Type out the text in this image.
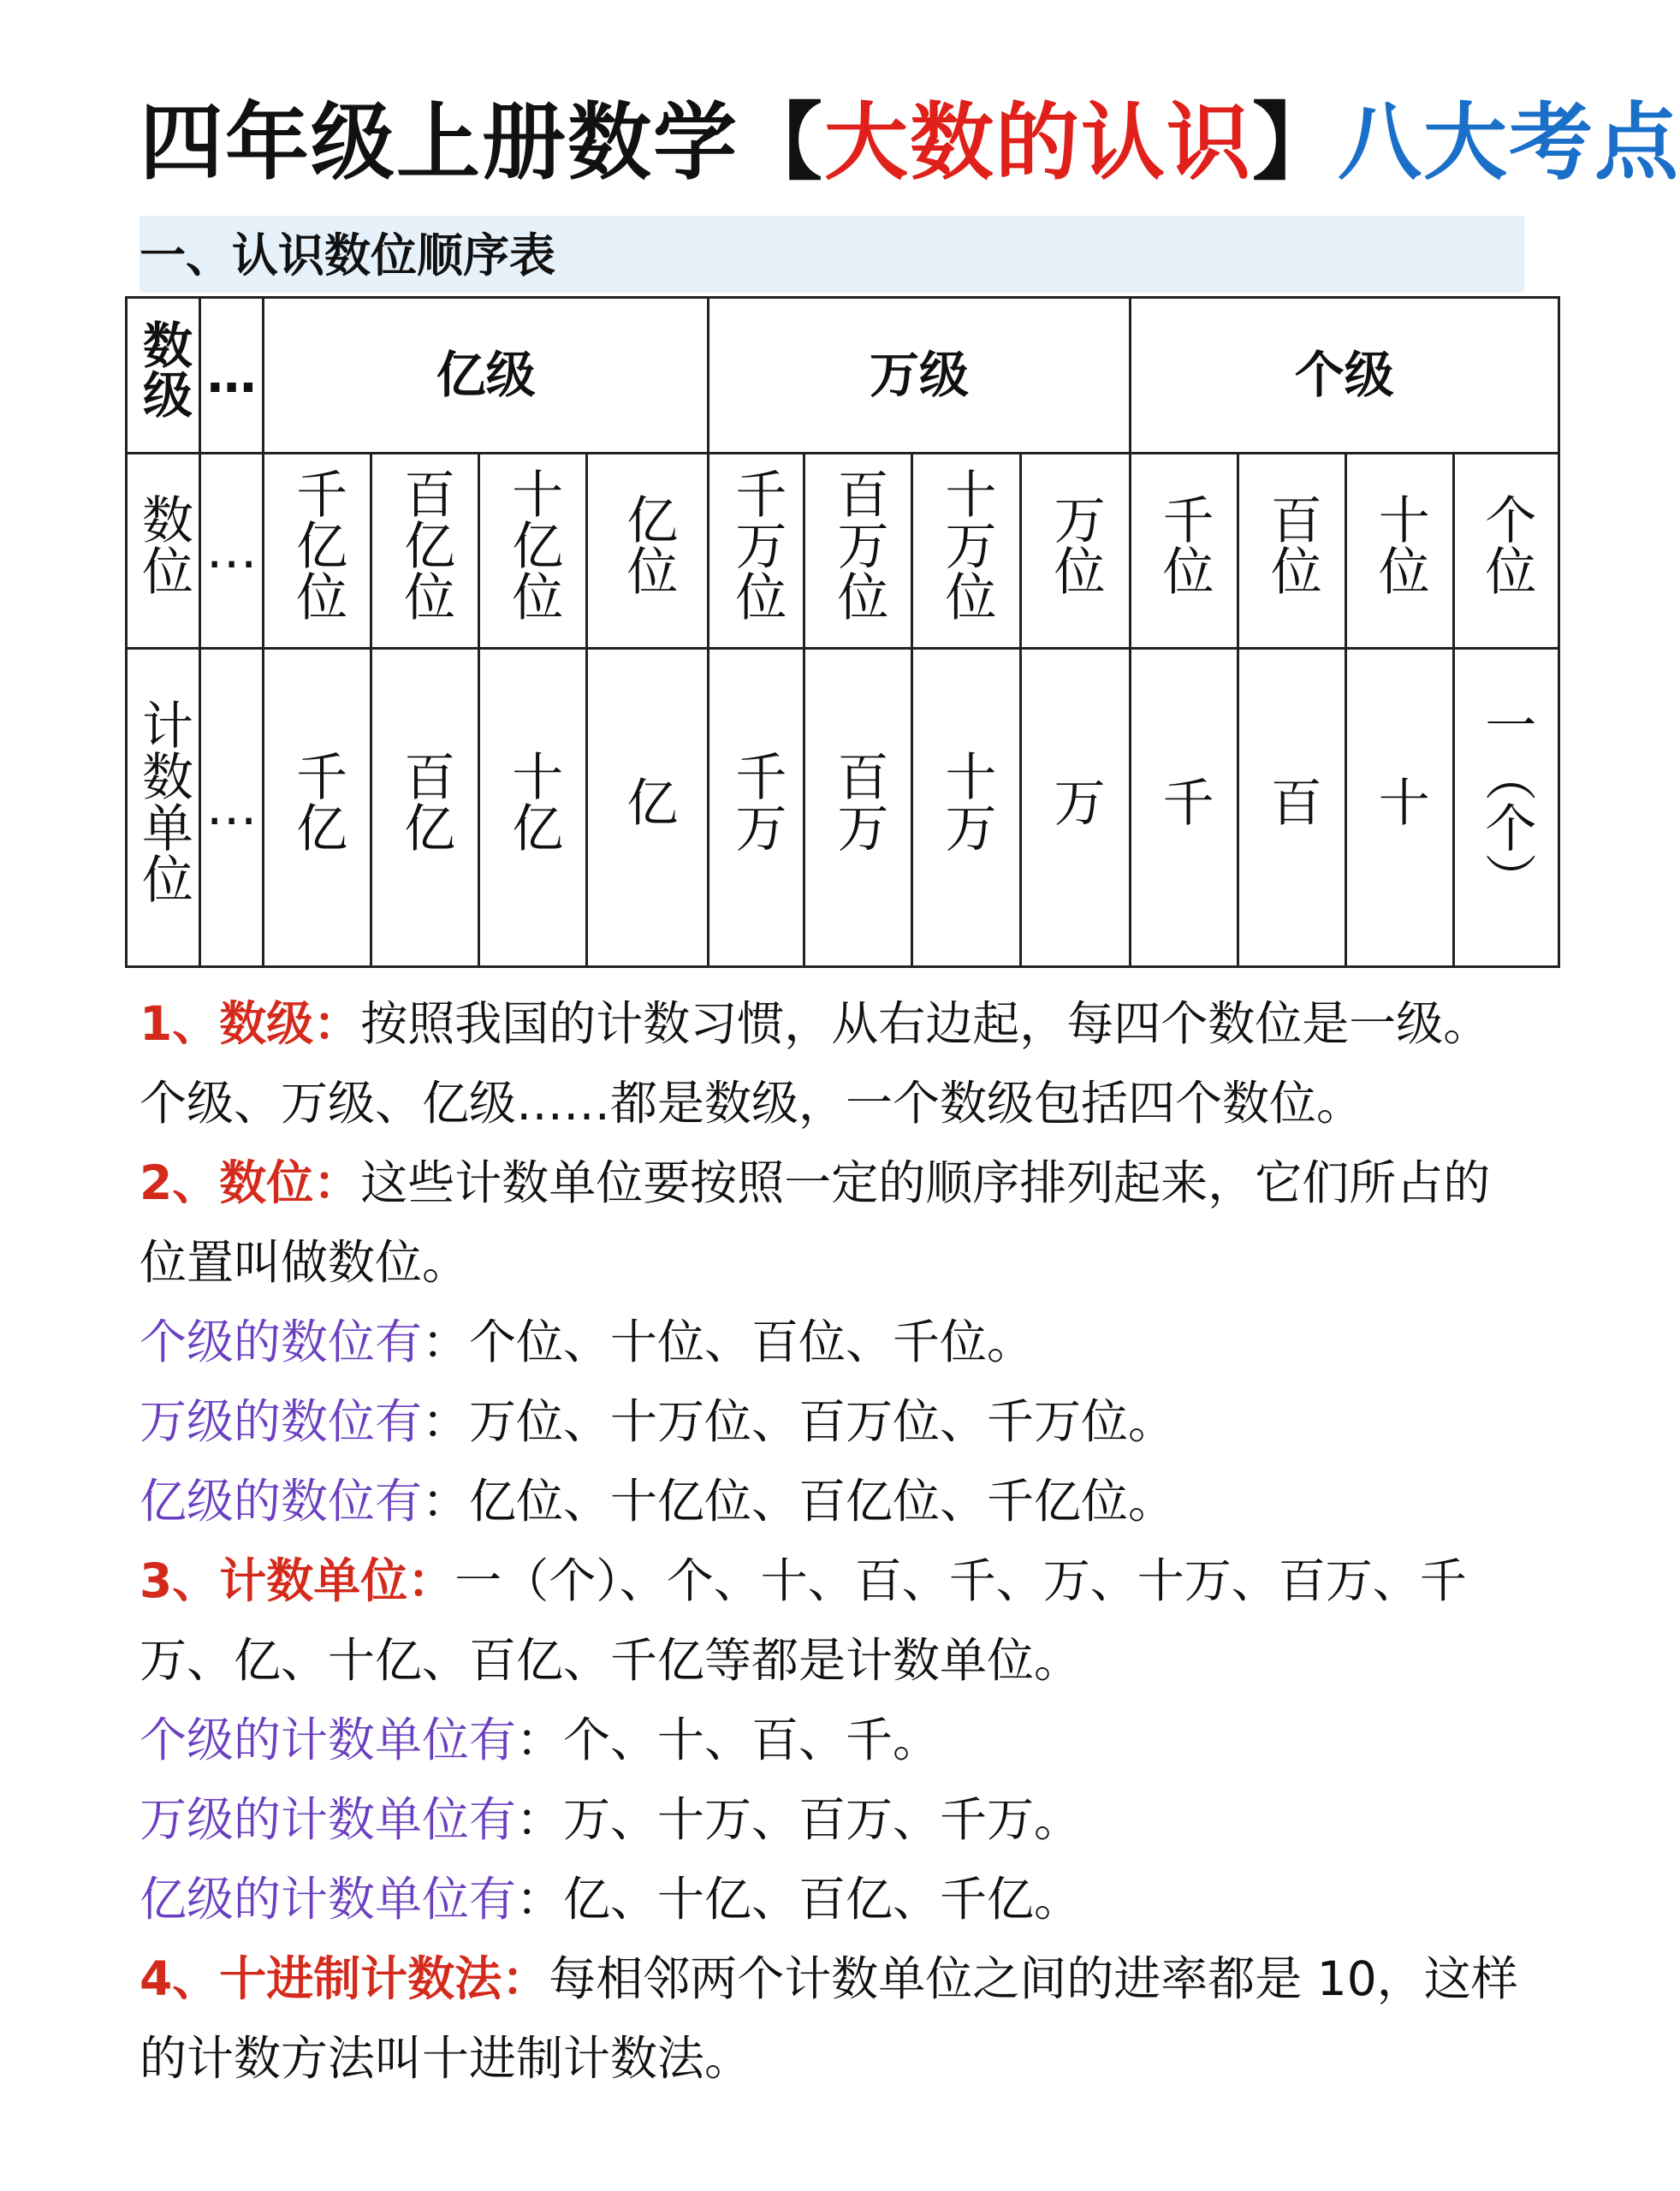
四年级上册数学【大数的认识】八大考点
一、认识数位顺序表
数级	…	亿级				万级				个级			
数位	…	千亿位	百亿位	十亿位	亿位	千万位	百万位	十万位	万位	千位	百位	十位	个位
计数单位	…	千亿	百亿	十亿	亿	千万	百万	十万	万	千	百	十	一（个）

1、数级：按照我国的计数习惯，从右边起，每四个数位是一级。个级、万级、亿级……都是数级，一个数级包括四个数位。

2、数位：这些计数单位要按照一定的顺序排列起来，它们所占的位置叫做数位。

个级的数位有：个位、十位、百位、千位。

万级的数位有：万位、十万位、百万位、千万位。

亿级的数位有：亿位、十亿位、百亿位、千亿位。

3、计数单位：一（个）、个、十、百、千、万、十万、百万、千万、亿、十亿、百亿、千亿等都是计数单位。

个级的计数单位有：个、十、百、千。

万级的计数单位有：万、十万、百万、千万。

亿级的计数单位有：亿、十亿、百亿、千亿。

4、十进制计数法：每相邻两个计数单位之间的进率都是 10，这样的计数方法叫十进制计数法。
